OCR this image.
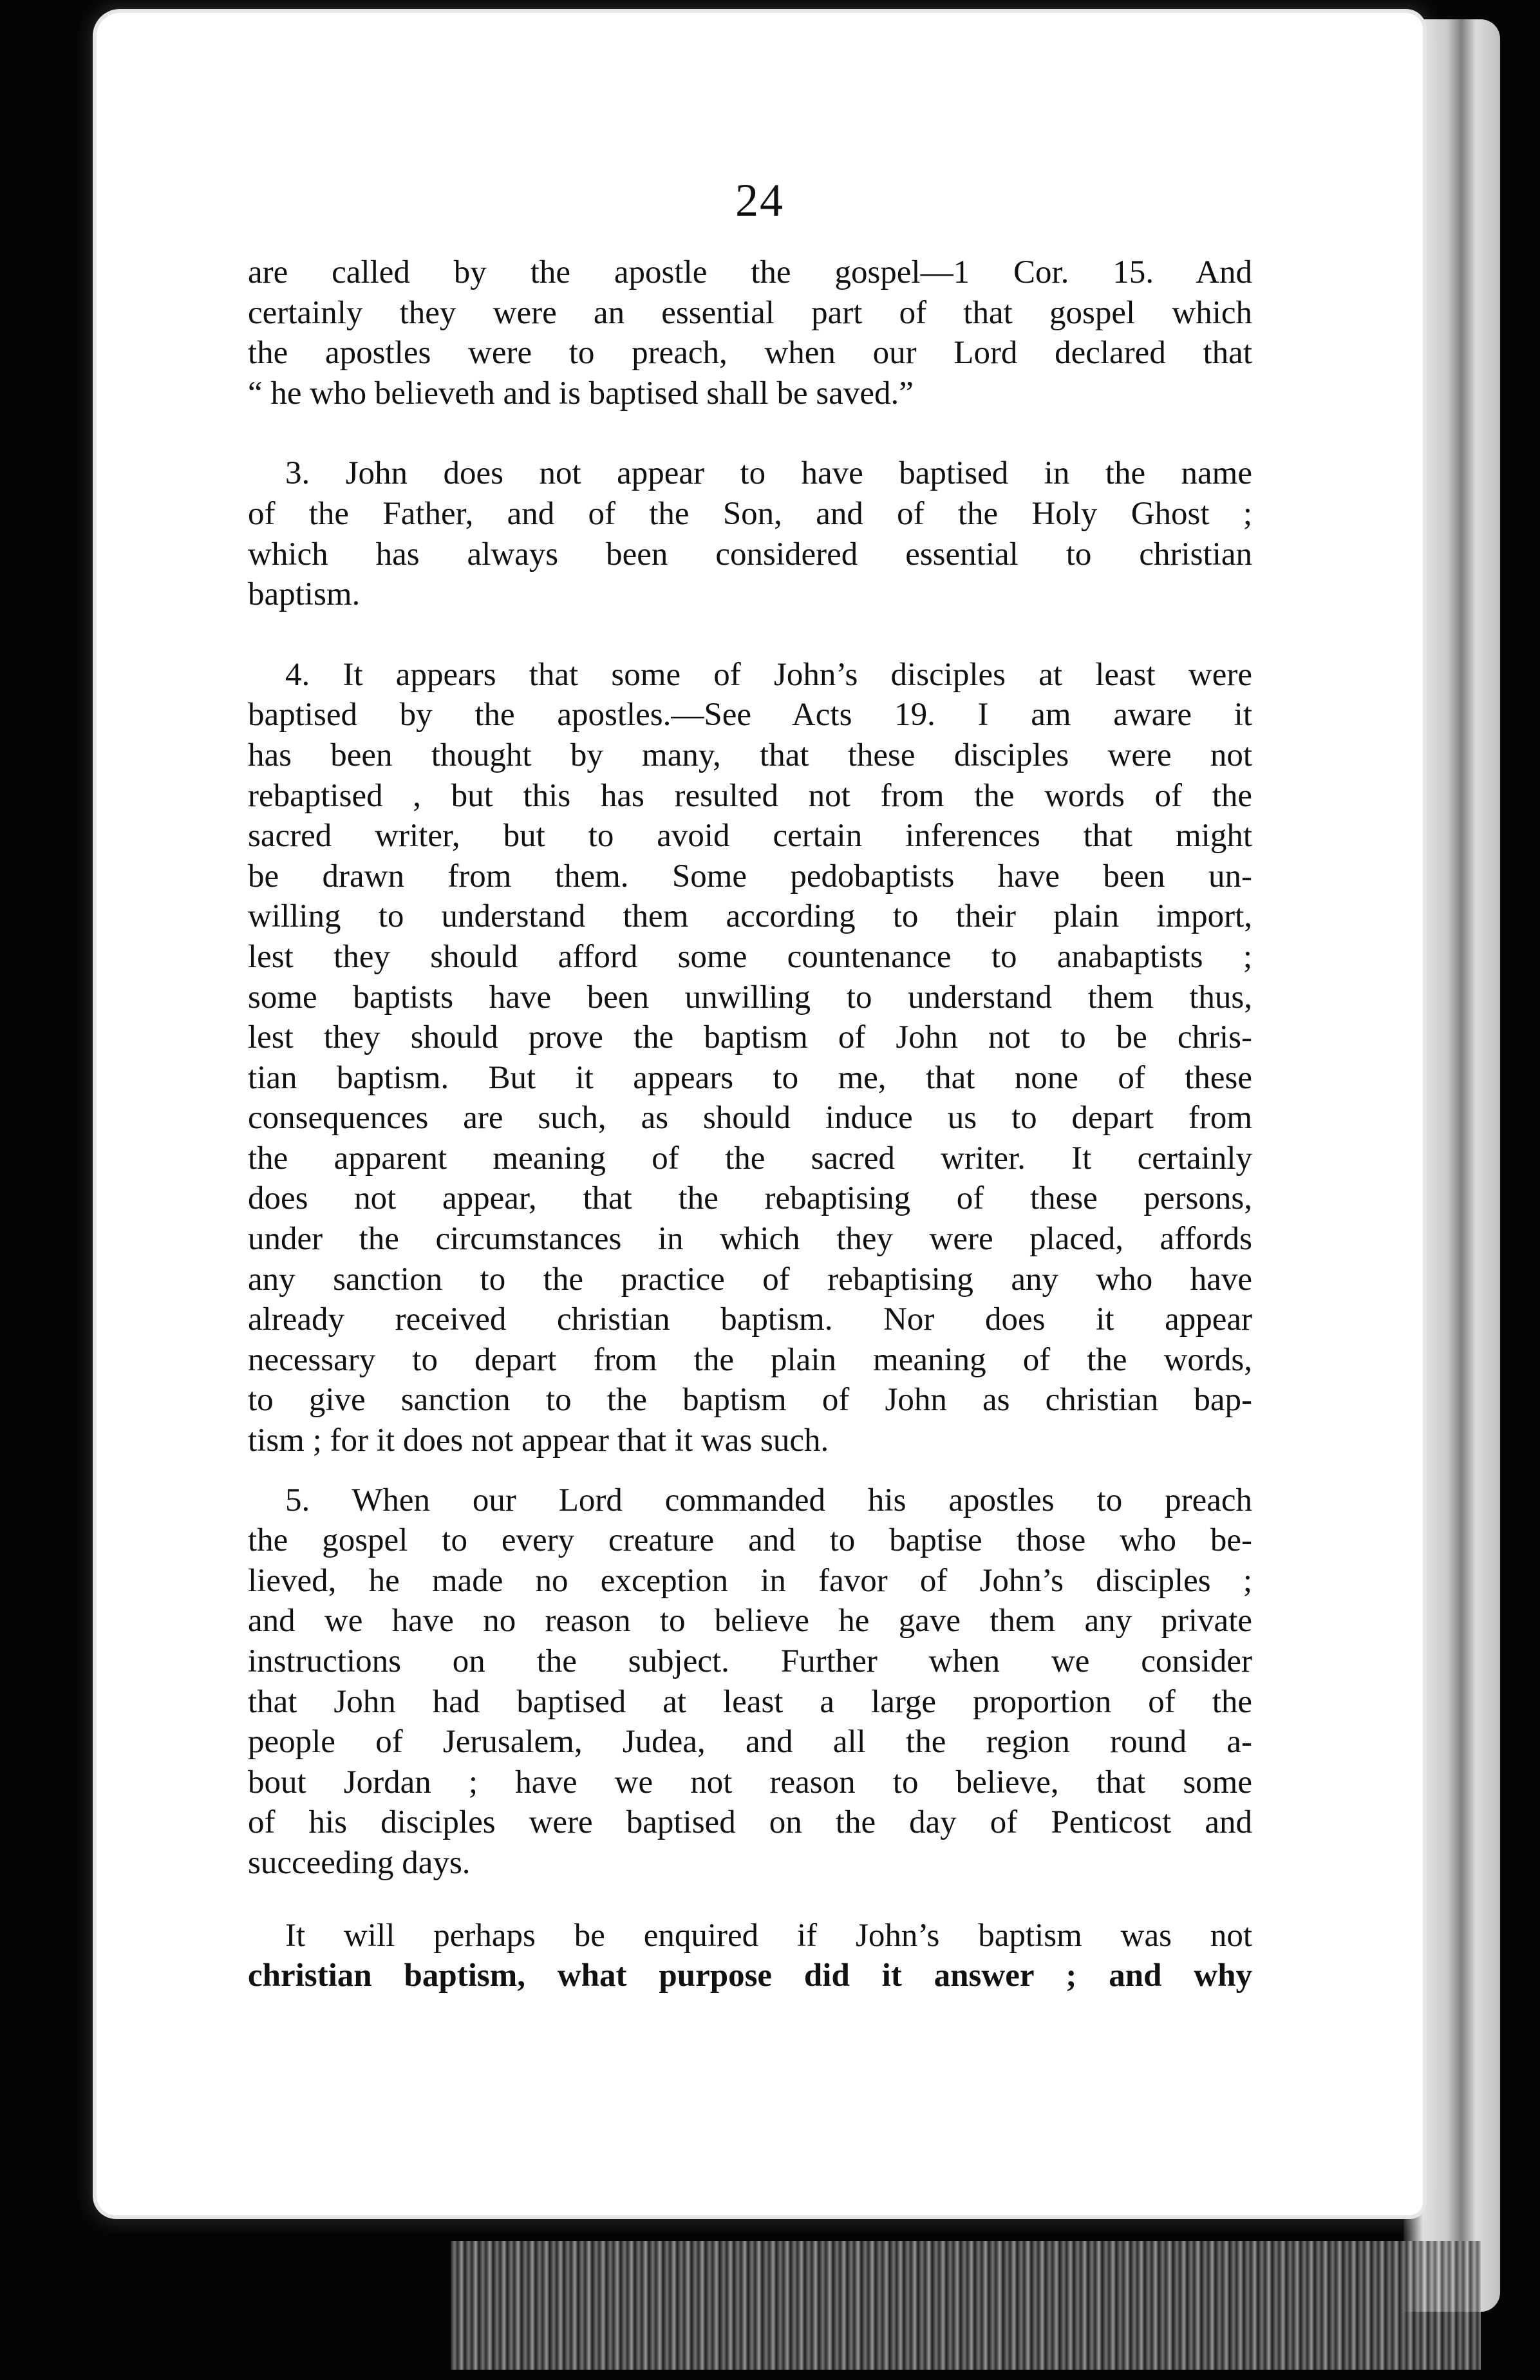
24
are called by the apostle the gospel—1 Cor. 15. And
certainly they were an essential part of that gospel which
the apostles were to preach, when our Lord declared that
“ he who believeth and is baptised shall be saved.”
3. John does not appear to have baptised in the name
of the Father, and of the Son, and of the Holy Ghost ;
which has always been considered essential to christian
baptism.
4. It appears that some of John’s disciples at least were
baptised by the apostles.—See Acts 19. I am aware it
has been thought by many, that these disciples were not
rebaptised , but this has resulted not from the words of the
sacred writer, but to avoid certain inferences that might
be drawn from them. Some pedobaptists have been un-
willing to understand them according to their plain import,
lest they should afford some countenance to anabaptists ;
some baptists have been unwilling to understand them thus,
lest they should prove the baptism of John not to be chris-
tian baptism. But it appears to me, that none of these
consequences are such, as should induce us to depart from
the apparent meaning of the sacred writer. It certainly
does not appear, that the rebaptising of these persons,
under the circumstances in which they were placed, affords
any sanction to the practice of rebaptising any who have
already received christian baptism. Nor does it appear
necessary to depart from the plain meaning of the words,
to give sanction to the baptism of John as christian bap-
tism ; for it does not appear that it was such.
5. When our Lord commanded his apostles to preach
the gospel to every creature and to baptise those who be-
lieved, he made no exception in favor of John’s disciples ;
and we have no reason to believe he gave them any private
instructions on the subject. Further when we consider
that John had baptised at least a large proportion of the
people of Jerusalem, Judea, and all the region round a-
bout Jordan ; have we not reason to believe, that some
of his disciples were baptised on the day of Penticost and
succeeding days.
It will perhaps be enquired if John’s baptism was not
christian baptism, what purpose did it answer ; and why
